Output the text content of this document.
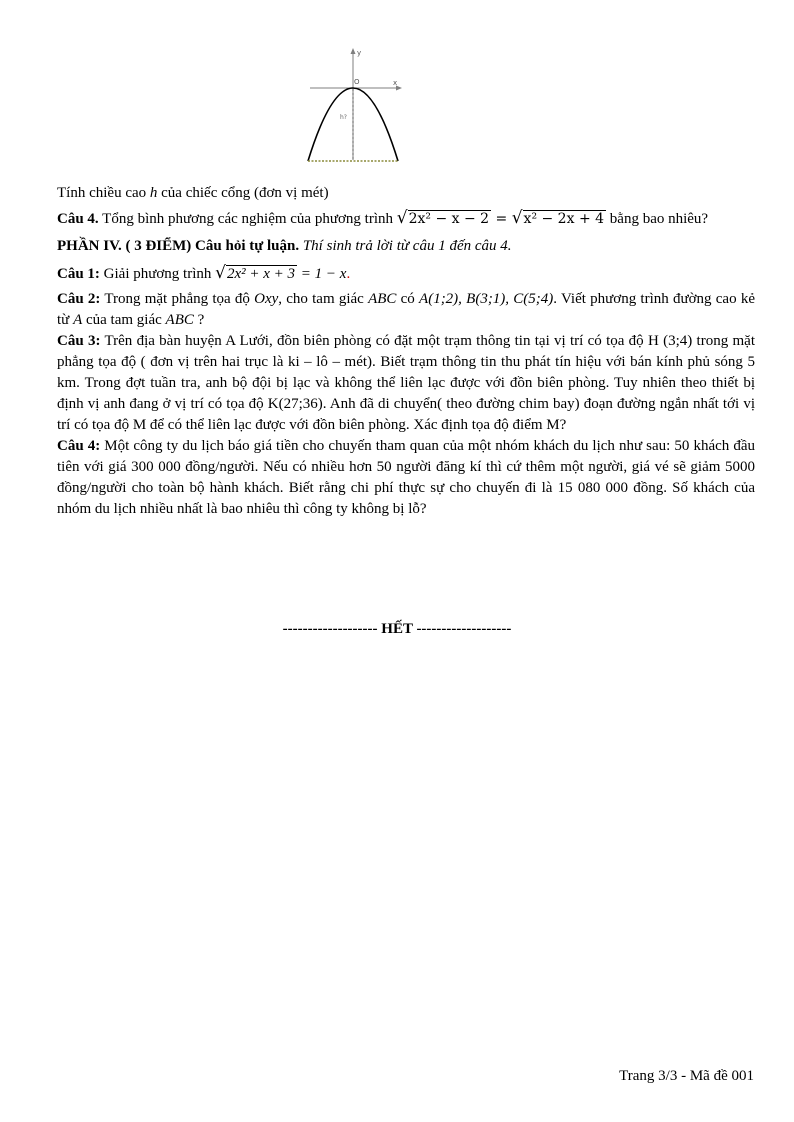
y
x
O
h?

Tính chiều cao h của chiếc cổng (đơn vị mét)

Câu 4. Tổng bình phương các nghiệm của phương trình √2x² − x − 2 = √x² − 2x + 4 bằng bao nhiêu?

PHẦN IV. ( 3 ĐIỂM) Câu hỏi tự luận. Thí sinh trả lời từ câu 1 đến câu 4.

Câu 1: Giải phương trình √2x² + x + 3 = 1 − x.

Câu 2: Trong mặt phẳng tọa độ Oxy, cho tam giác ABC có A(1;2), B(3;1), C(5;4). Viết phương trình đường cao kẻ từ A của tam giác ABC ?

Câu 3: Trên địa bàn huyện A Lưới, đồn biên phòng có đặt một trạm thông tin tại vị trí có tọa độ H (3;4) trong mặt phẳng tọa độ ( đơn vị trên hai trục là ki – lô – mét). Biết trạm thông tin thu phát tín hiệu với bán kính phủ sóng 5 km. Trong đợt tuần tra, anh bộ đội bị lạc và không thể liên lạc được với đồn biên phòng. Tuy nhiên theo thiết bị định vị anh đang ở vị trí có tọa độ K(27;36). Anh đã di chuyển( theo đường chim bay) đoạn đường ngắn nhất tới vị trí có tọa độ M để có thể liên lạc được với đồn biên phòng. Xác định tọa độ điểm M?

Câu 4: Một công ty du lịch báo giá tiền cho chuyến tham quan của một nhóm khách du lịch như sau: 50 khách đầu tiên với giá 300 000 đồng/người. Nếu có nhiều hơn 50 người đăng kí thì cứ thêm một người, giá vé sẽ giảm 5000 đồng/người cho toàn bộ hành khách. Biết rằng chi phí thực sự cho chuyến đi là 15 080 000 đồng. Số khách của nhóm du lịch nhiều nhất là bao nhiêu thì công ty không bị lỗ?

------------------- HẾT -------------------
Trang 3/3 - Mã đề 001
